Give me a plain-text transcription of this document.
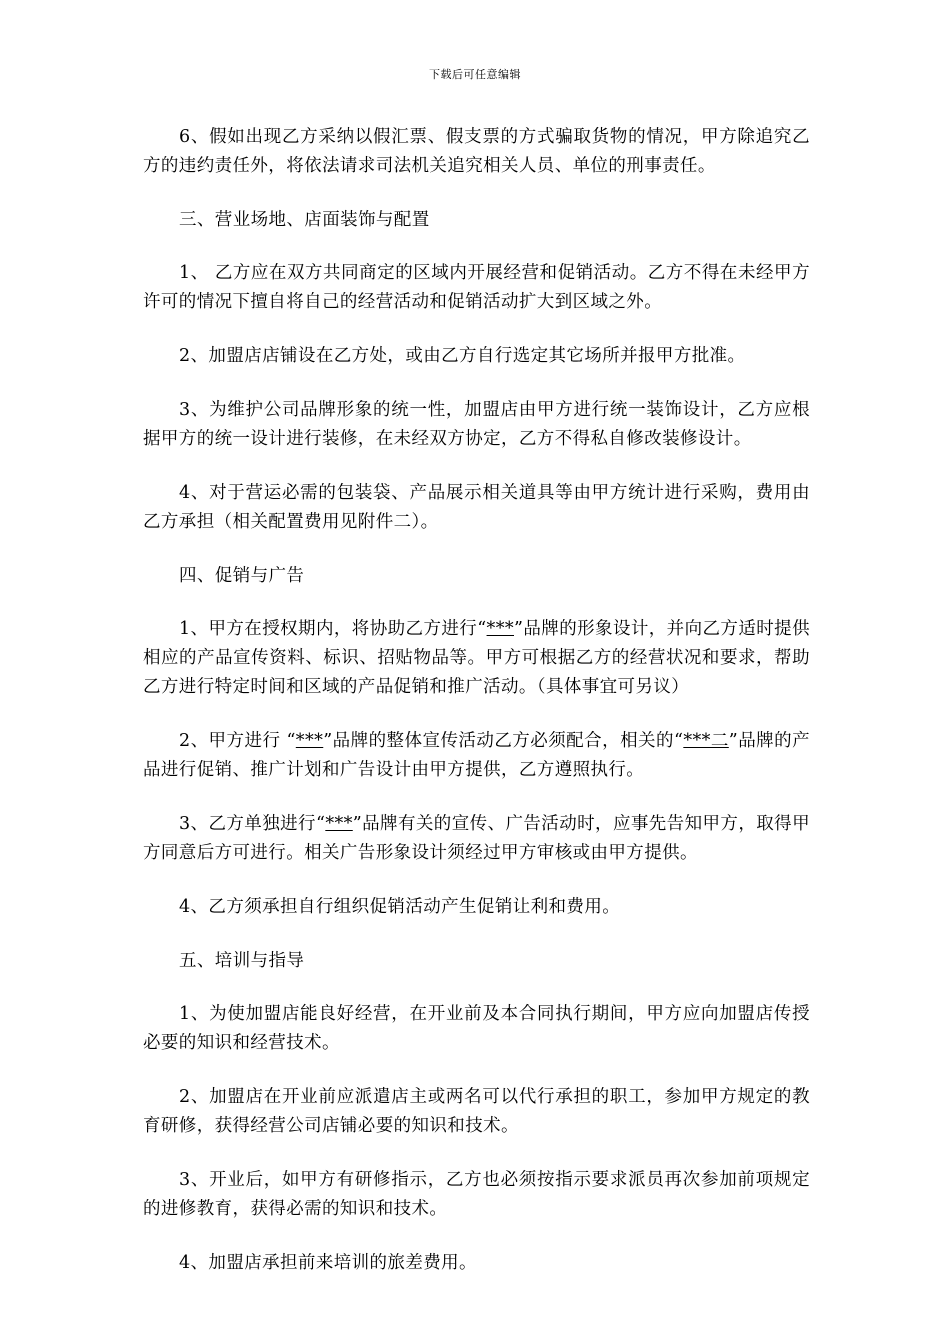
下载后可任意编辑

6、假如出现乙方采纳以假汇票、假支票的方式骗取货物的情况，甲方除追究乙方的违约责任外，将依法请求司法机关追究相关人员、单位的刑事责任。

三、营业场地、店面装饰与配置

1、 乙方应在双方共同商定的区域内开展经营和促销活动。乙方不得在未经甲方许可的情况下擅自将自己的经营活动和促销活动扩大到区域之外。

2、加盟店店铺设在乙方处，或由乙方自行选定其它场所并报甲方批准。

3、为维护公司品牌形象的统一性，加盟店由甲方进行统一装饰设计，乙方应根据甲方的统一设计进行装修，在未经双方协定，乙方不得私自修改装修设计。

4、对于营运必需的包装袋、产品展示相关道具等由甲方统计进行采购，费用由乙方承担（相关配置费用见附件二）。

四、促销与广告

1、甲方在授权期内，将协助乙方进行“***”品牌的形象设计，并向乙方适时提供相应的产品宣传资料、标识、招贴物品等。甲方可根据乙方的经营状况和要求，帮助乙方进行特定时间和区域的产品促销和推广活动。（具体事宜可另议）

2、甲方进行 “***”品牌的整体宣传活动乙方必须配合，相关的“***二”品牌的产品进行促销、推广计划和广告设计由甲方提供，乙方遵照执行。

3、乙方单独进行“***”品牌有关的宣传、广告活动时，应事先告知甲方，取得甲方同意后方可进行。相关广告形象设计须经过甲方审核或由甲方提供。

4、乙方须承担自行组织促销活动产生促销让利和费用。

五、培训与指导

1、为使加盟店能良好经营，在开业前及本合同执行期间，甲方应向加盟店传授必要的知识和经营技术。

2、加盟店在开业前应派遣店主或两名可以代行承担的职工，参加甲方规定的教育研修，获得经营公司店铺必要的知识和技术。

3、开业后，如甲方有研修指示，乙方也必须按指示要求派员再次参加前项规定的进修教育，获得必需的知识和技术。

4、加盟店承担前来培训的旅差费用。
